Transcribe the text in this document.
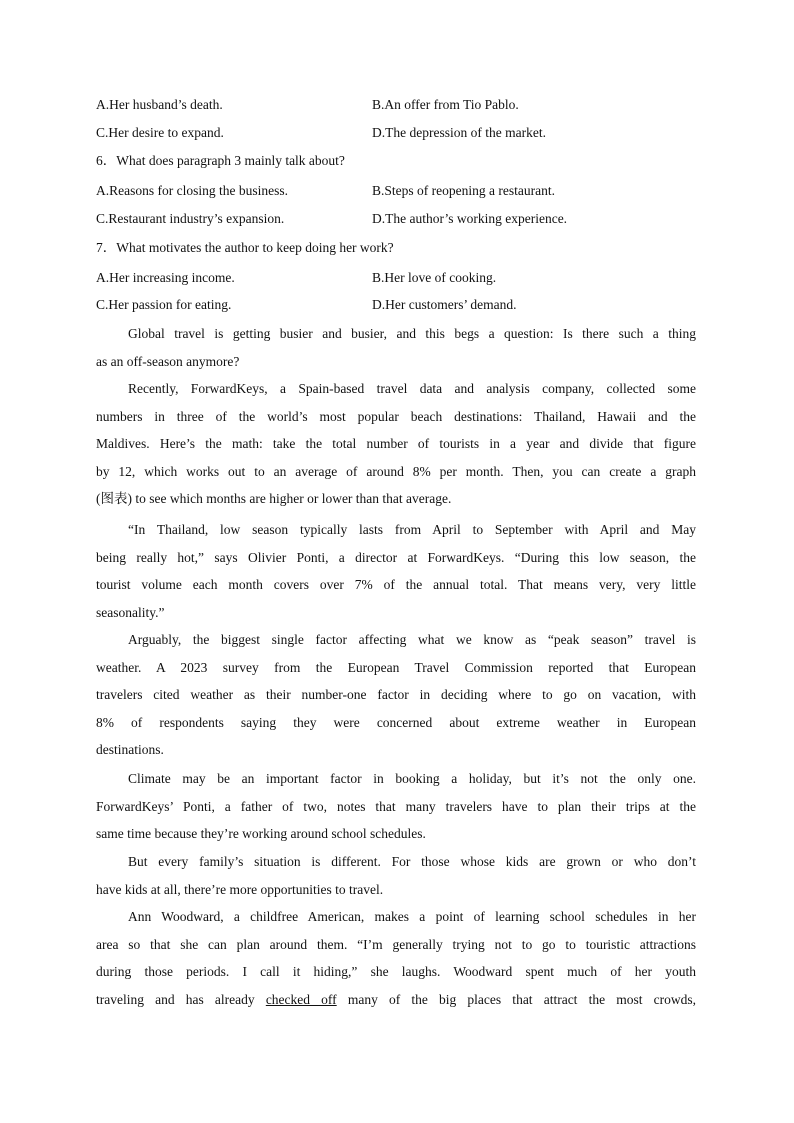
A.Her husband’s death.	B.An offer from Tio Pablo.
C.Her desire to expand.	D.The depression of the market.
6．What does paragraph 3 mainly talk about?
A.Reasons for closing the business.	B.Steps of reopening a restaurant.
C.Restaurant industry’s expansion.	D.The author’s working experience.
7．What motivates the author to keep doing her work?
A.Her increasing income.	B.Her love of cooking.
C.Her passion for eating.	D.Her customers’ demand.
Global travel is getting busier and busier, and this begs a question: Is there such a thing
as an off-season anymore?
Recently, ForwardKeys, a Spain-based travel data and analysis company, collected some
numbers in three of the world’s most popular beach destinations: Thailand, Hawaii and the
Maldives. Here’s the math: take the total number of tourists in a year and divide that figure
by 12, which works out to an average of around 8% per month. Then, you can create a graph
(图表) to see which months are higher or lower than that average.
“In Thailand, low season typically lasts from April to September with April and May
being really hot,” says Olivier Ponti, a director at ForwardKeys. “During this low season, the
tourist volume each month covers over 7% of the annual total. That means very, very little
seasonality.”
Arguably, the biggest single factor affecting what we know as “peak season” travel is
weather. A 2023 survey from the European Travel Commission reported that European
travelers cited weather as their number-one factor in deciding where to go on vacation, with
8% of respondents saying they were concerned about extreme weather in European
destinations.
Climate may be an important factor in booking a holiday, but it’s not the only one.
ForwardKeys’ Ponti, a father of two, notes that many travelers have to plan their trips at the
same time because they’re working around school schedules.
But every family’s situation is different. For those whose kids are grown or who don’t
have kids at all, there’re more opportunities to travel.
Ann Woodward, a childfree American, makes a point of learning school schedules in her
area so that she can plan around them. “I’m generally trying not to go to touristic attractions
during those periods. I call it hiding,” she laughs. Woodward spent much of her youth
traveling and has already checked off many of the big places that attract the most crowds,
